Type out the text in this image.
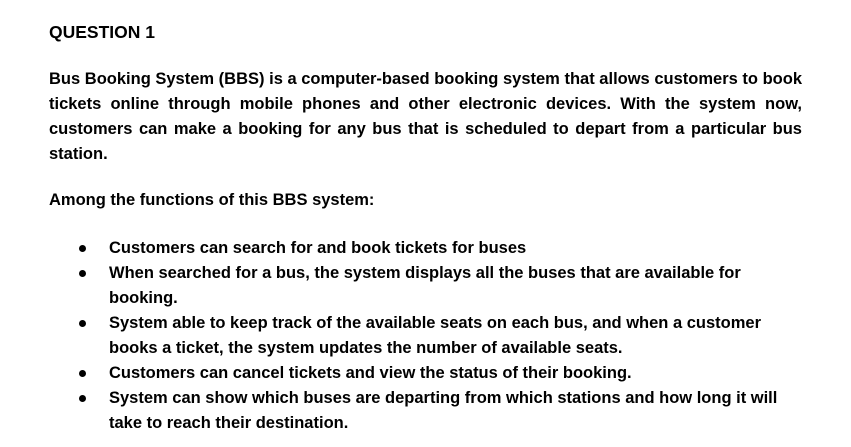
QUESTION 1

Bus Booking System (BBS) is a computer-based booking system that allows customers to book tickets online through mobile phones and other electronic devices. With the system now, customers can make a booking for any bus that is scheduled to depart from a particular bus station.

Among the functions of this BBS system:

Customers can search for and book tickets for buses
When searched for a bus, the system displays all the buses that are available for booking.
System able to keep track of the available seats on each bus, and when a customer books a ticket, the system updates the number of available seats.
Customers can cancel tickets and view the status of their booking.
System can show which buses are departing from which stations and how long it will take to reach their destination.
